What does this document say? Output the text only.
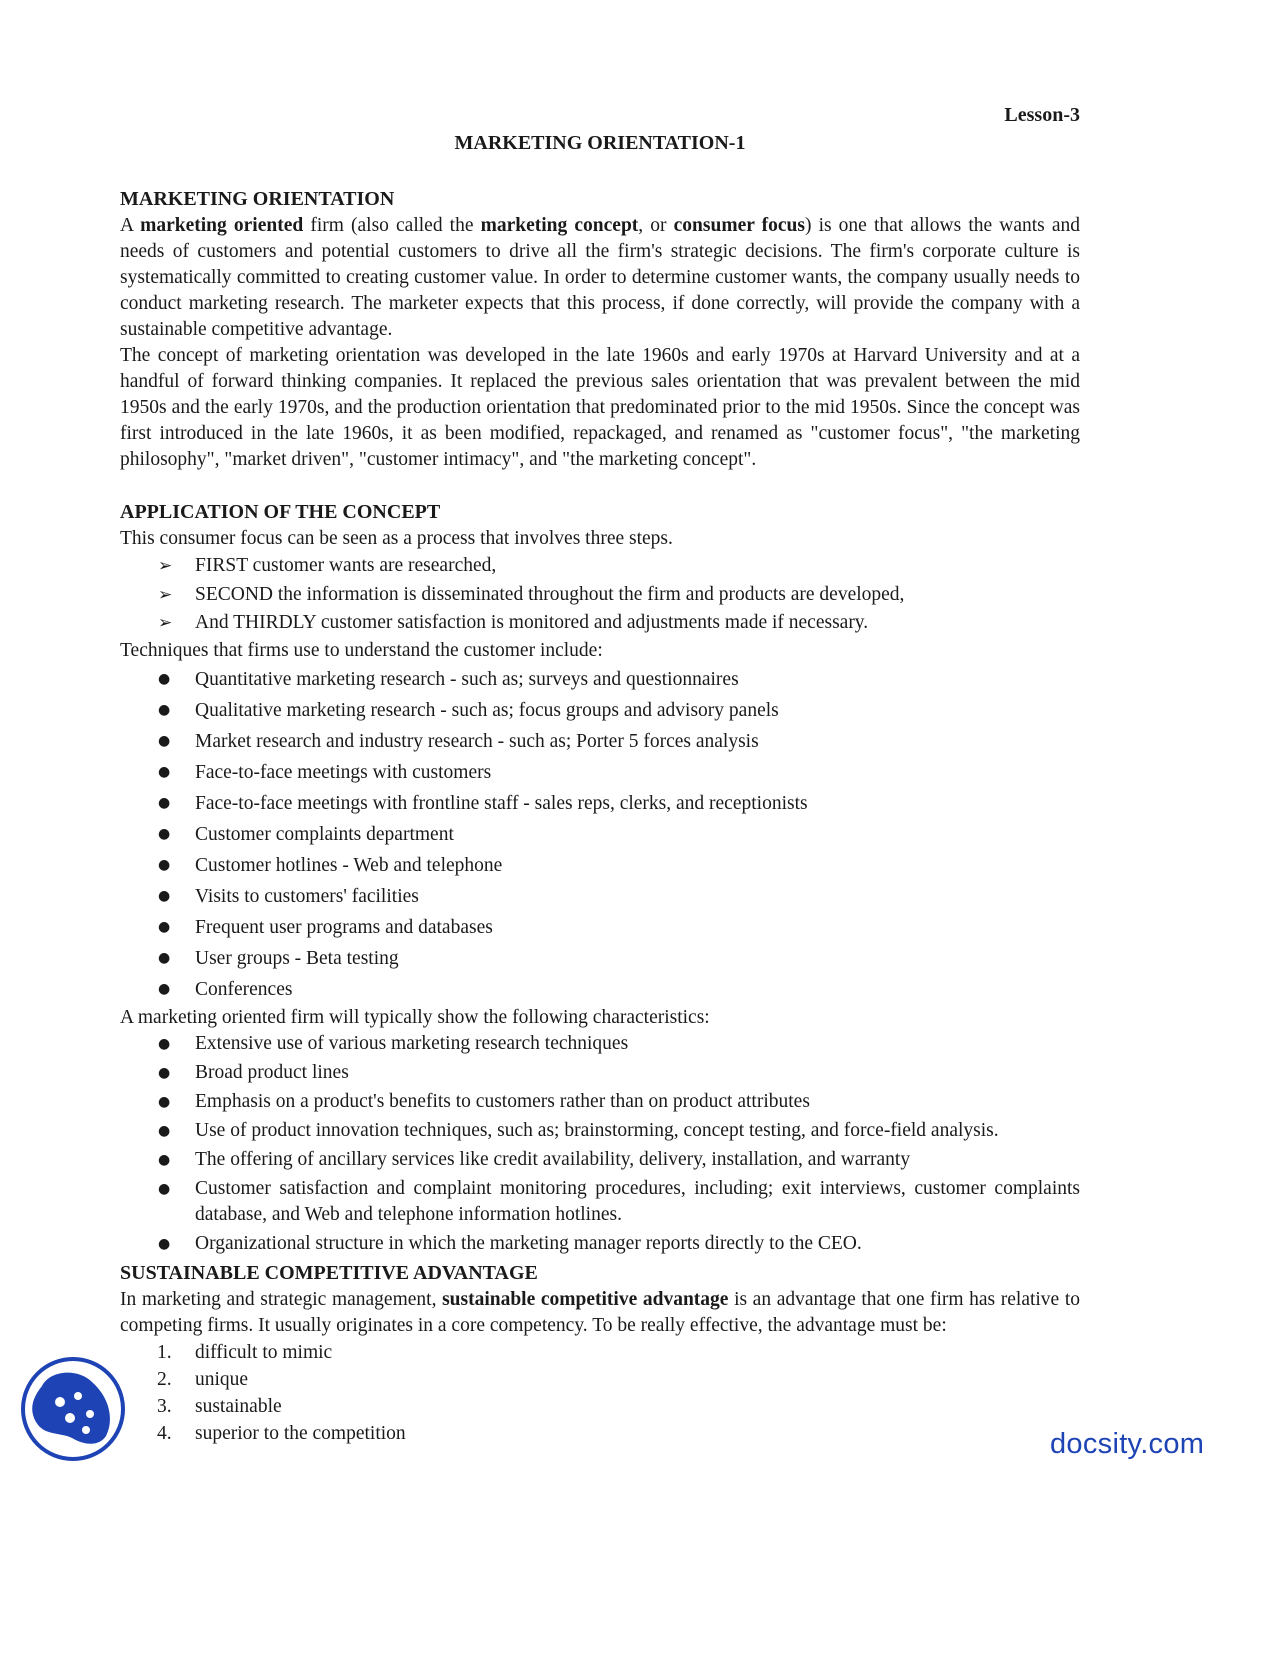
Lesson-3
MARKETING ORIENTATION-1
MARKETING ORIENTATION

A marketing oriented firm (also called the marketing concept, or consumer focus) is one that allows the wants and needs of customers and potential customers to drive all the firm's strategic decisions. The firm's corporate culture is systematically committed to creating customer value. In order to determine customer wants, the company usually needs to conduct marketing research. The marketer expects that this process, if done correctly, will provide the company with a sustainable competitive advantage.

The concept of marketing orientation was developed in the late 1960s and early 1970s at Harvard University and at a handful of forward thinking companies. It replaced the previous sales orientation that was prevalent between the mid 1950s and the early 1970s, and the production orientation that predominated prior to the mid 1950s. Since the concept was first introduced in the late 1960s, it as been modified, repackaged, and renamed as "customer focus", "the marketing philosophy", "market driven", "customer intimacy", and "the marketing concept".

APPLICATION OF THE CONCEPT

This consumer focus can be seen as a process that involves three steps.

➢ FIRST customer wants are researched,
➢ SECOND the information is disseminated throughout the firm and products are developed,
➢ And THIRDLY customer satisfaction is monitored and adjustments made if necessary.

Techniques that firms use to understand the customer include:

● Quantitative marketing research - such as; surveys and questionnaires
● Qualitative marketing research - such as; focus groups and advisory panels
● Market research and industry research - such as; Porter 5 forces analysis
● Face-to-face meetings with customers
● Face-to-face meetings with frontline staff - sales reps, clerks, and receptionists
● Customer complaints department
● Customer hotlines - Web and telephone
● Visits to customers' facilities
● Frequent user programs and databases
● User groups - Beta testing
● Conferences

A marketing oriented firm will typically show the following characteristics:

● Extensive use of various marketing research techniques
● Broad product lines
● Emphasis on a product's benefits to customers rather than on product attributes
● Use of product innovation techniques, such as; brainstorming, concept testing, and force-field analysis.
● The offering of ancillary services like credit availability, delivery, installation, and warranty
● Customer satisfaction and complaint monitoring procedures, including; exit interviews, customer complaints database, and Web and telephone information hotlines.
● Organizational structure in which the marketing manager reports directly to the CEO.
SUSTAINABLE COMPETITIVE ADVANTAGE

In marketing and strategic management, sustainable competitive advantage is an advantage that one firm has relative to competing firms. It usually originates in a core competency. To be really effective, the advantage must be:

1. difficult to mimic
2. unique
3. sustainable
4. superior to the competition	docsity.com
